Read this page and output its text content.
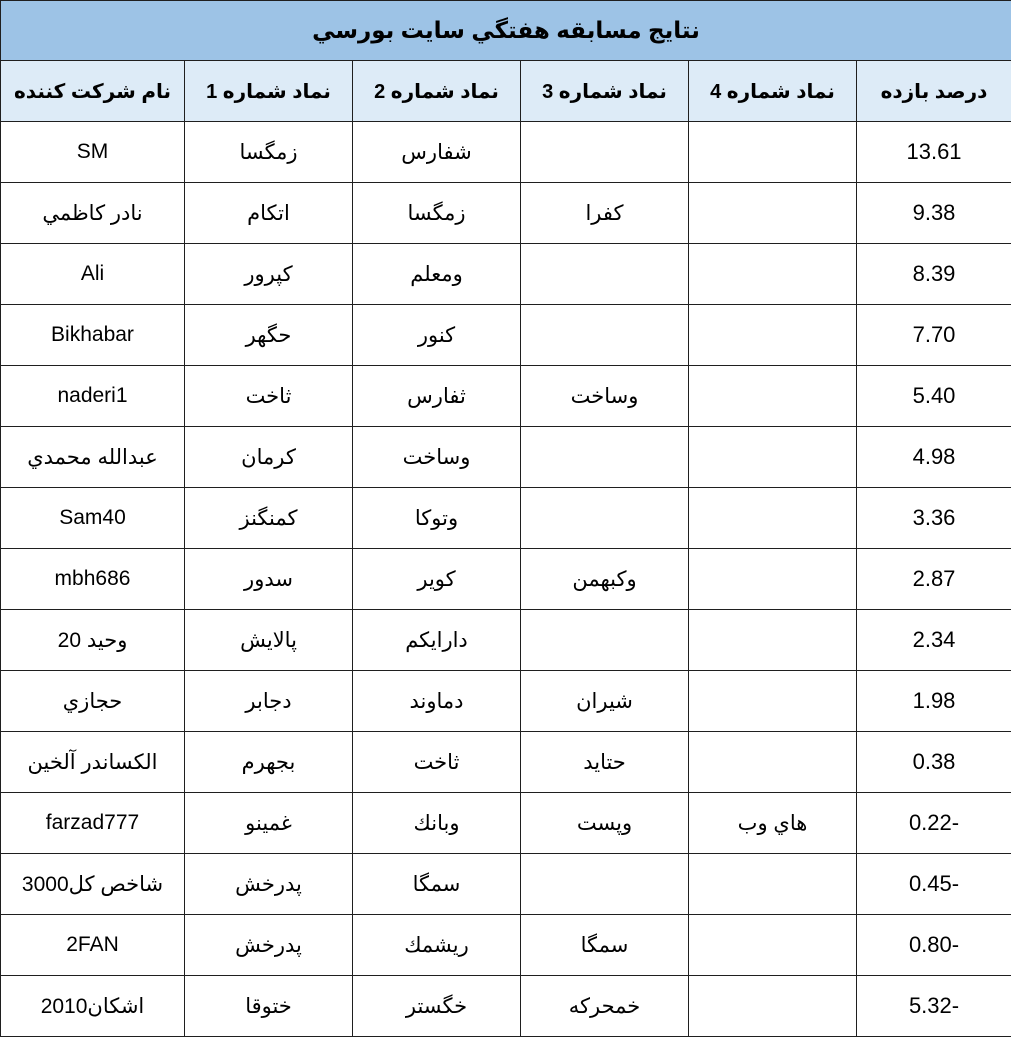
نتايج مسابقه هفتگي سايت بورسي					
نام شركت كننده	نماد شماره 1	نماد شماره 2	نماد شماره 3	نماد شماره 4	درصد بازده
SM	زمگسا	شفارس			13.61
نادر كاظمي	اتكام	زمگسا	كفرا		9.38
Ali	كپرور	ومعلم			8.39
Bikhabar	حگهر	كنور			7.70
naderi1	ثاخت	ثفارس	وساخت		5.40
عبدالله محمدي	كرمان	وساخت			4.98
Sam40	كمنگنز	وتوكا			3.36
mbh686	سدور	كوير	وكبهمن		2.87
وحيد 20	پالايش	دارايكم			2.34
حجازي	دجابر	دماوند	شيران		1.98
الكساندر آلخين	بجهرم	ثاخت	حتايد		0.38
farzad777	غمينو	وبانك	وپست	هاي وب	-0.22
شاخص كل3000	پدرخش	سمگا			-0.45
2FAN	پدرخش	ريشمك	سمگا		-0.80
اشكان2010	ختوقا	خگستر	خمحركه		-5.32
